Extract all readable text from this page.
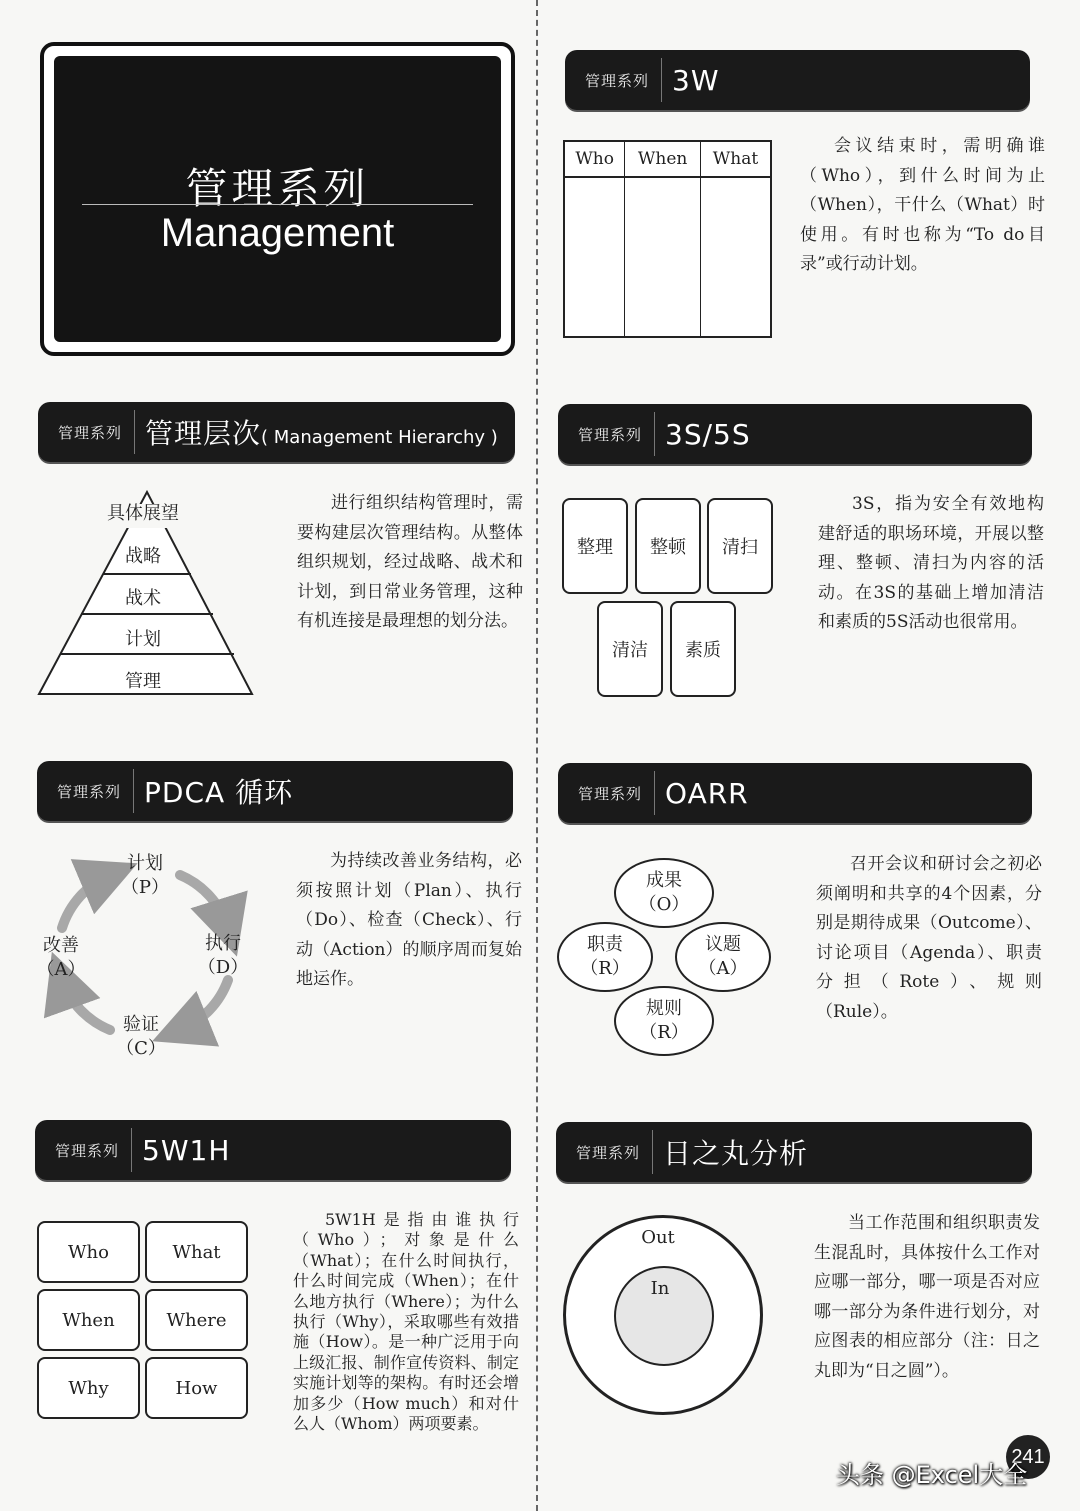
管理系列
Management
管理系列 3W
Who	When	What

会议结束时，需明确谁（Who），到什么时间为止（When），干什么（What）时使用。有时也称为“To do目录”或行动计划。
管理系列 管理层次( Management Hierarchy )
具体展望
战略
战术
计划
管理
进行组织结构管理时，需要构建层次管理结构。从整体组织规划，经过战略、战术和计划，到日常业务管理，这种有机连接是最理想的划分法。
管理系列 3S/5S
整理	整顿	清扫
清洁	素质
3S，指为安全有效地构建舒适的职场环境，开展以整理、整顿、清扫为内容的活动。在3S的基础上增加清洁和素质的5S活动也很常用。
管理系列 PDCA 循环
计划
（P）
执行
（D）
验证
（C）
改善
（A）
为持续改善业务结构，必须按照计划（Plan）、执行（Do）、检查（Check）、行动（Action）的顺序周而复始地运作。
管理系列 OARR
成果
（O）
职责
（R）
议题
（A）
规则
（R）
召开会议和研讨会之初必须阐明和共享的4个因素，分别是期待成果（Outcome）、讨论项目（Agenda）、职责分担（Rote）、规则（Rule）。
管理系列 5W1H
Who	What
When	Where
Why	How
5W1H是指由谁执行（Who）；对象是什么（What）；在什么时间执行，什么时间完成（When）；在什么地方执行（Where）；为什么执行（Why），采取哪些有效措施（How）。是一种广泛用于向上级汇报、制作宣传资料、制定实施计划等的架构。有时还会增加多少（How much）和对什么人（Whom）两项要素。
管理系列 日之丸分析
Out
In
当工作范围和组织职责发生混乱时，具体按什么工作对应哪一部分，哪一项是否对应哪一部分为条件进行划分，对应图表的相应部分（注：日之丸即为“日之圆”）。
241
头条 @Excel大全
